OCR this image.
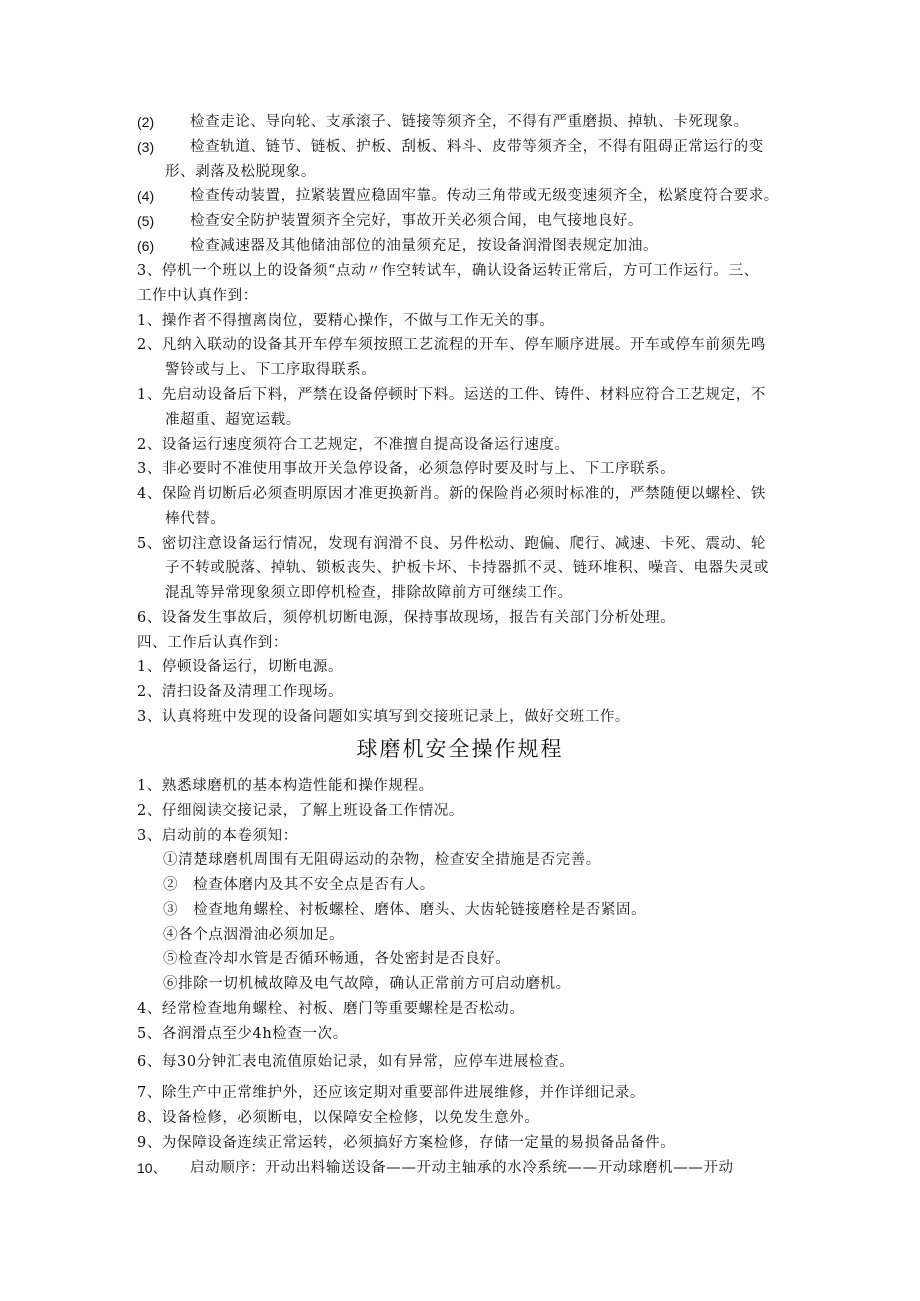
(2) 检查走论、导向轮、支承滚子、链接等须齐全，不得有严重磨损、掉轨、卡死现象。
(3) 检查轨道、链节、链板、护板、刮板、料斗、皮带等须齐全，不得有阻碍正常运行的变
形、剥落及松脱现象。
(4) 检查传动装置，拉紧装置应稳固牢靠。传动三角带或无级变速须齐全，松紧度符合要求。
(5) 检查安全防护装置须齐全完好，事故开关必须合闻，电气接地良好。
(6) 检查减速器及其他储油部位的油量须充足，按设备润滑图表规定加油。
3、停机一个班以上的设备须“点动〃作空转试车，确认设备运转正常后，方可工作运行。三、
工作中认真作到：
1、操作者不得擅离岗位，要精心操作，不做与工作无关的事。
2、凡纳入联动的设备其开车停车须按照工艺流程的开车、停车顺序进展。开车或停车前须先鸣
警铃或与上、下工序取得联系。
1、先启动设备后下料，严禁在设备停顿时下料。运送的工件、铸件、材料应符合工艺规定，不
准超重、超宽运载。
2、设备运行速度须符合工艺规定，不准擅自提高设备运行速度。
3、非必要时不准使用事故开关急停设备，必须急停时要及时与上、下工序联系。
4、保险肖切断后必须查明原因才准更换新肖。新的保险肖必须时标准的，严禁随便以螺栓、铁
棒代替。
5、密切注意设备运行情况，发现有润滑不良、另件松动、跑偏、爬行、减速、卡死、震动、轮
子不转或脱落、掉轨、锁板丧失、护板卡坏、卡持器抓不灵、链环堆积、噪音、电器失灵或
混乱等异常现象须立即停机检查，排除故障前方可继续工作。
6、设备发生事故后，须停机切断电源，保持事故现场，报告有关部门分析处理。
四、工作后认真作到：
1、停顿设备运行，切断电源。
2、清扫设备及清理工作现场。
3、认真将班中发现的设备问题如实填写到交接班记录上，做好交班工作。
球磨机安全操作规程
1、熟悉球磨机的基本构造性能和操作规程。
2、仔细阅读交接记录，了解上班设备工作情况。
3、启动前的本卷须知：
①清楚球磨机周围有无阻碍运动的杂物，检查安全措施是否完善。
②　检查体磨内及其不安全点是否有人。
③　检查地角螺栓、衬板螺栓、磨体、磨头、大齿轮链接磨栓是否紧固。
④各个点洇滑油必须加足。
⑤检查冷却水管是否循环畅通，各处密封是否良好。
⑥排除一切机械故障及电气故障，确认正常前方可启动磨机。
4、经常检查地角螺栓、衬板、磨门等重要螺栓是否松动。
5、各润滑点至少4h检查一次。
6、每30分钟汇表电流值原始记录，如有异常，应停车进展检查。
7、除生产中正常维护外，还应该定期对重要部件进展维修，并作详细记录。
8、设备检修，必须断电，以保障安全检修，以免发生意外。
9、为保障设备连续正常运转，必须搞好方案检修，存储一定量的易损备品备件。
10、 启动顺序：开动出料输送设备——开动主轴承的水冷系统——开动球磨机——开动
